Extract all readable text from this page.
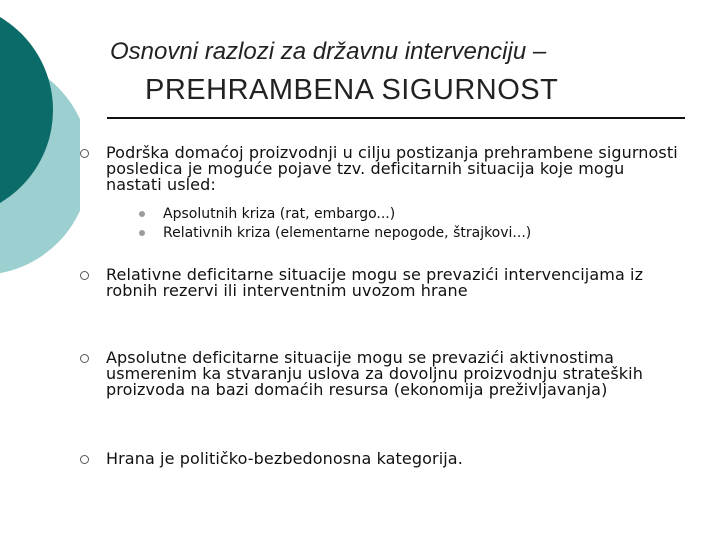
Osnovni razlozi za državnu intervenciju –
PREHRAMBENA SIGURNOST
Podrška domaćoj proizvodnji u cilju postizanja prehrambene sigurnosti posledica je moguće pojave tzv. deficitarnih situacija koje mogu nastati usled:
Apsolutnih kriza (rat, embargo...)
Relativnih kriza (elementarne nepogode, štrajkovi...)
Relativne deficitarne situacije mogu se prevazići intervencijama iz robnih rezervi ili interventnim uvozom hrane
Apsolutne deficitarne situacije mogu se prevazići aktivnostima usmerenim ka stvaranju uslova za dovoljnu proizvodnju strateških proizvoda na bazi domaćih resursa (ekonomija preživljavanja)
Hrana je političko-bezbedonosna kategorija.
